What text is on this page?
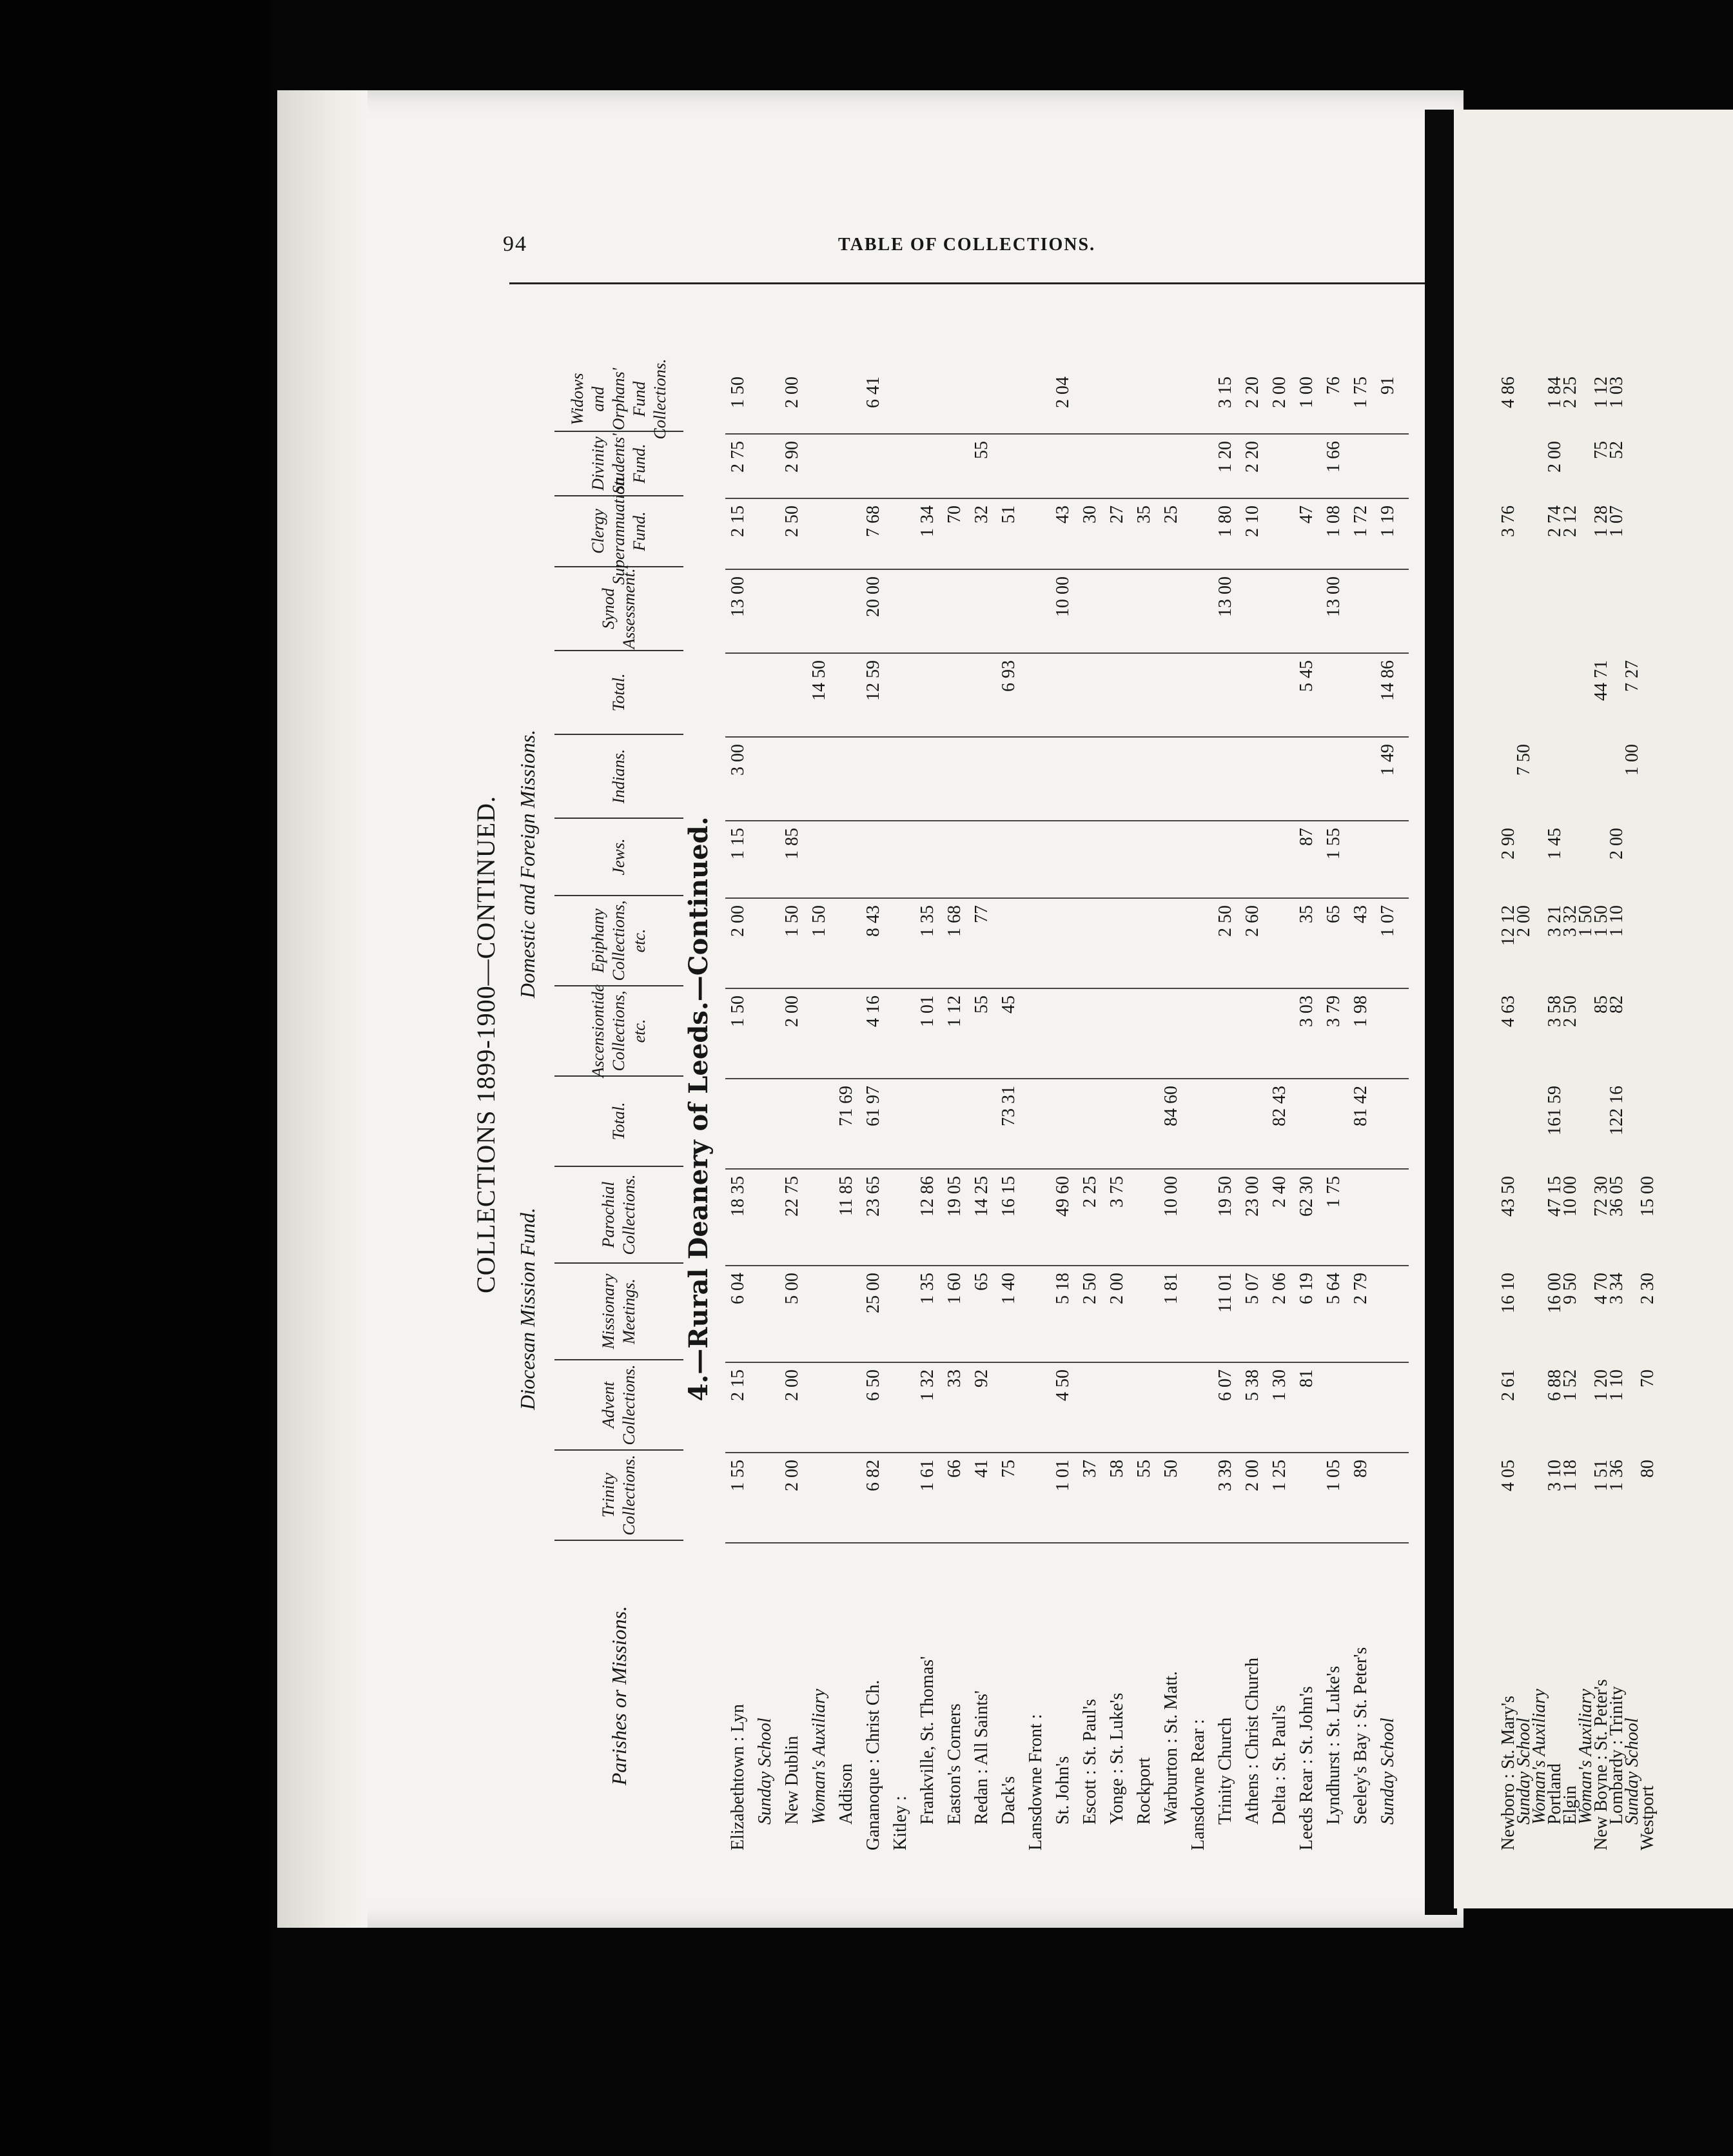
94	TABLE OF COLLECTIONS.
COLLECTIONS 1899-1900—CONTINUED.
Diocesan Mission Fund.
Domestic and Foreign Missions.
Parishes or Missions.
Trinity Collections.
Advent Collections.
Missionary Meetings.
Parochial Collections.
Total.
Ascensiontide Collections, etc.
Epiphany Collections, etc.
Jews.
Indians.
Total.
Synod Assessment.
Clergy Superannuation Fund.
Divinity Students' Fund.
Widows and Orphans' Fund Collections.
4.—Rural Deanery of Leeds.—Continued.
Elizabethtown : Lyn
1 55
2 15
6 04
18 35
1 50
2 00
1 15
3 00
13 00
2 15
2 75
1 50
Sunday School New Dublin
2 00
2 00
5 00
22 75
2 00
1 50
1 85
2 50
2 90
2 00
Woman's Auxiliary
1 50
14 50
Addison
11 85
71 69
Gananoque : Christ Ch.
6 82
6 50
25 00
23 65
61 97
4 16
8 43
12 59
20 00
7 68
6 41
Kitley : Frankville, St. Thomas'
1 61
1 32
1 35
12 86
1 01
1 35
1 34
Easton's Corners
66
33
1 60
19 05
1 12
1 68
70
Redan : All Saints'
41
92
65
14 25
55
77
32
55
Dack's
75
1 40
16 15
73 31
45
6 93
51
Lansdowne Front : St. John's
1 01
4 50
5 18
49 60
10 00
43
2 04
Escott : St. Paul's
37
2 50
2 25
30
Yonge : St. Luke's
58
2 00
3 75
27
Rockport
55
35
Warburton : St. Matt.
50
1 81
10 00
84 60
25
Lansdowne Rear : Trinity Church
3 39
6 07
11 01
19 50
2 50
13 00
1 80
1 20
3 15
Athens : Christ Church
2 00
5 38
5 07
23 00
2 60
2 10
2 20
2 20
Delta : St. Paul's
1 25
1 30
2 06
2 40
82 43
2 00
Leeds Rear : St. John's
81
6 19
62 30
3 03
35
87
5 45
47
1 00
Lyndhurst : St. Luke's
1 05
5 64
1 75
3 79
65
1 55
13 00
1 08
1 66
76
Seeley's Bay : St. Peter's
89
2 79
81 42
1 98
43
1 72
1 75
Sunday School
1 07
1 49
14 86
1 19
91
Newboro : St. Mary's
4 05
2 61
16 10
43 50
4 63
12 12
2 90
3 76
4 86
Sunday School
2 00
7 50
Woman's Auxiliary
Portland
3 10
6 88
16 00
47 15
161 59
3 58
3 21
1 45
2 74
2 00
1 84
Elgin
1 18
1 52
9 50
10 00
2 50
3 32
2 12
2 25
Woman's Auxiliary
1 50
New Boyne : St. Peter's
1 51
1 20
4 70
72 30
85
1 50
44 71
1 28
75
1 12
Lombardy : Trinity
1 36
1 10
3 34
36 05
122 16
82
1 10
2 00
1 07
52
1 03
Sunday School
1 00
7 27
Westport
80
70
2 30
15 00
